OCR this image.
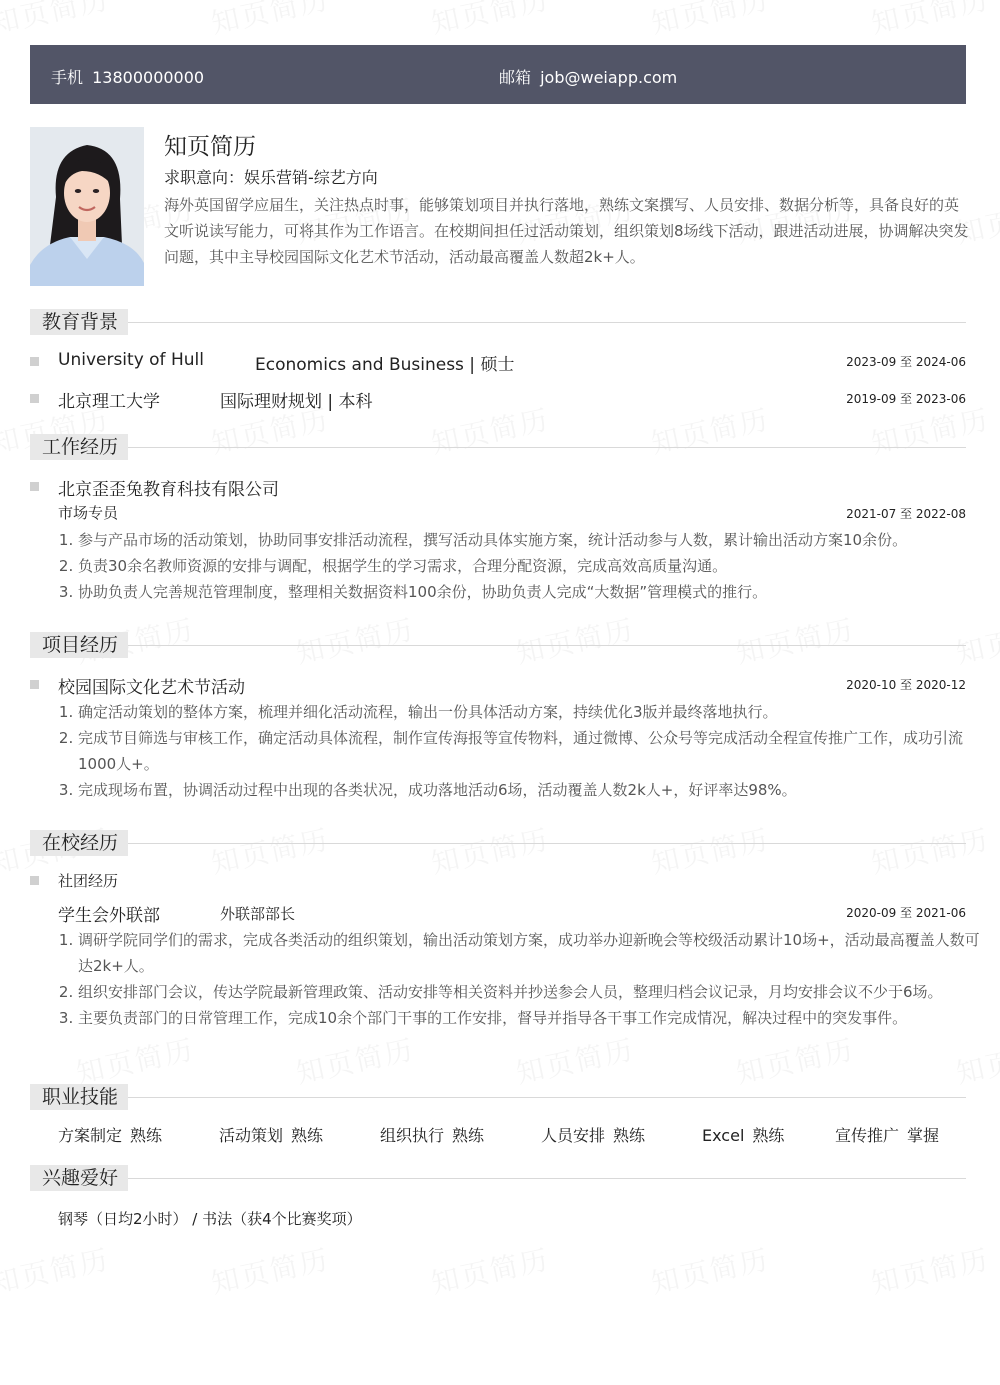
手机 13800000000	邮箱 job@weiapp.com
知页简历
求职意向：娱乐营销-综艺方向
海外英国留学应届生，关注热点时事，能够策划项目并执行落地，熟练文案撰写、人员安排、数据分析等，具备良好的英文听说读写能力，可将其作为工作语言。在校期间担任过活动策划，组织策划8场线下活动，跟进活动进展，协调解决突发问题，其中主导校园国际文化艺术节活动，活动最高覆盖人数超2k+人。
教育背景
University of Hull	Economics and Business | 硕士	2023-09 至 2024-06
北京理工大学	国际理财规划 | 本科	2019-09 至 2023-06
工作经历
北京歪歪兔教育科技有限公司
市场专员	2021-07 至 2022-08
1. 参与产品市场的活动策划，协助同事安排活动流程，撰写活动具体实施方案，统计活动参与人数，累计输出活动方案10余份。
2. 负责30余名教师资源的安排与调配，根据学生的学习需求，合理分配资源，完成高效高质量沟通。
3. 协助负责人完善规范管理制度，整理相关数据资料100余份，协助负责人完成“大数据”管理模式的推行。
项目经历
校园国际文化艺术节活动	2020-10 至 2020-12
1. 确定活动策划的整体方案，梳理并细化活动流程，输出一份具体活动方案，持续优化3版并最终落地执行。
2. 完成节目筛选与审核工作，确定活动具体流程，制作宣传海报等宣传物料，通过微博、公众号等完成活动全程宣传推广工作，成功引流1000人+。
3. 完成现场布置，协调活动过程中出现的各类状况，成功落地活动6场，活动覆盖人数2k人+，好评率达98%。
在校经历
社团经历
学生会外联部	外联部部长	2020-09 至 2021-06
1. 调研学院同学们的需求，完成各类活动的组织策划，输出活动策划方案，成功举办迎新晚会等校级活动累计10场+，活动最高覆盖人数可达2k+人。
2. 组织安排部门会议，传达学院最新管理政策、活动安排等相关资料并抄送参会人员，整理归档会议记录，月均安排会议不少于6场。
3. 主要负责部门的日常管理工作，完成10余个部门干事的工作安排，督导并指导各干事工作完成情况，解决过程中的突发事件。
职业技能
方案制定 熟练	活动策划 熟练	组织执行 熟练	人员安排 熟练	Excel 熟练	宣传推广 掌握
兴趣爱好
钢琴（日均2小时） / 书法（获4个比赛奖项）
